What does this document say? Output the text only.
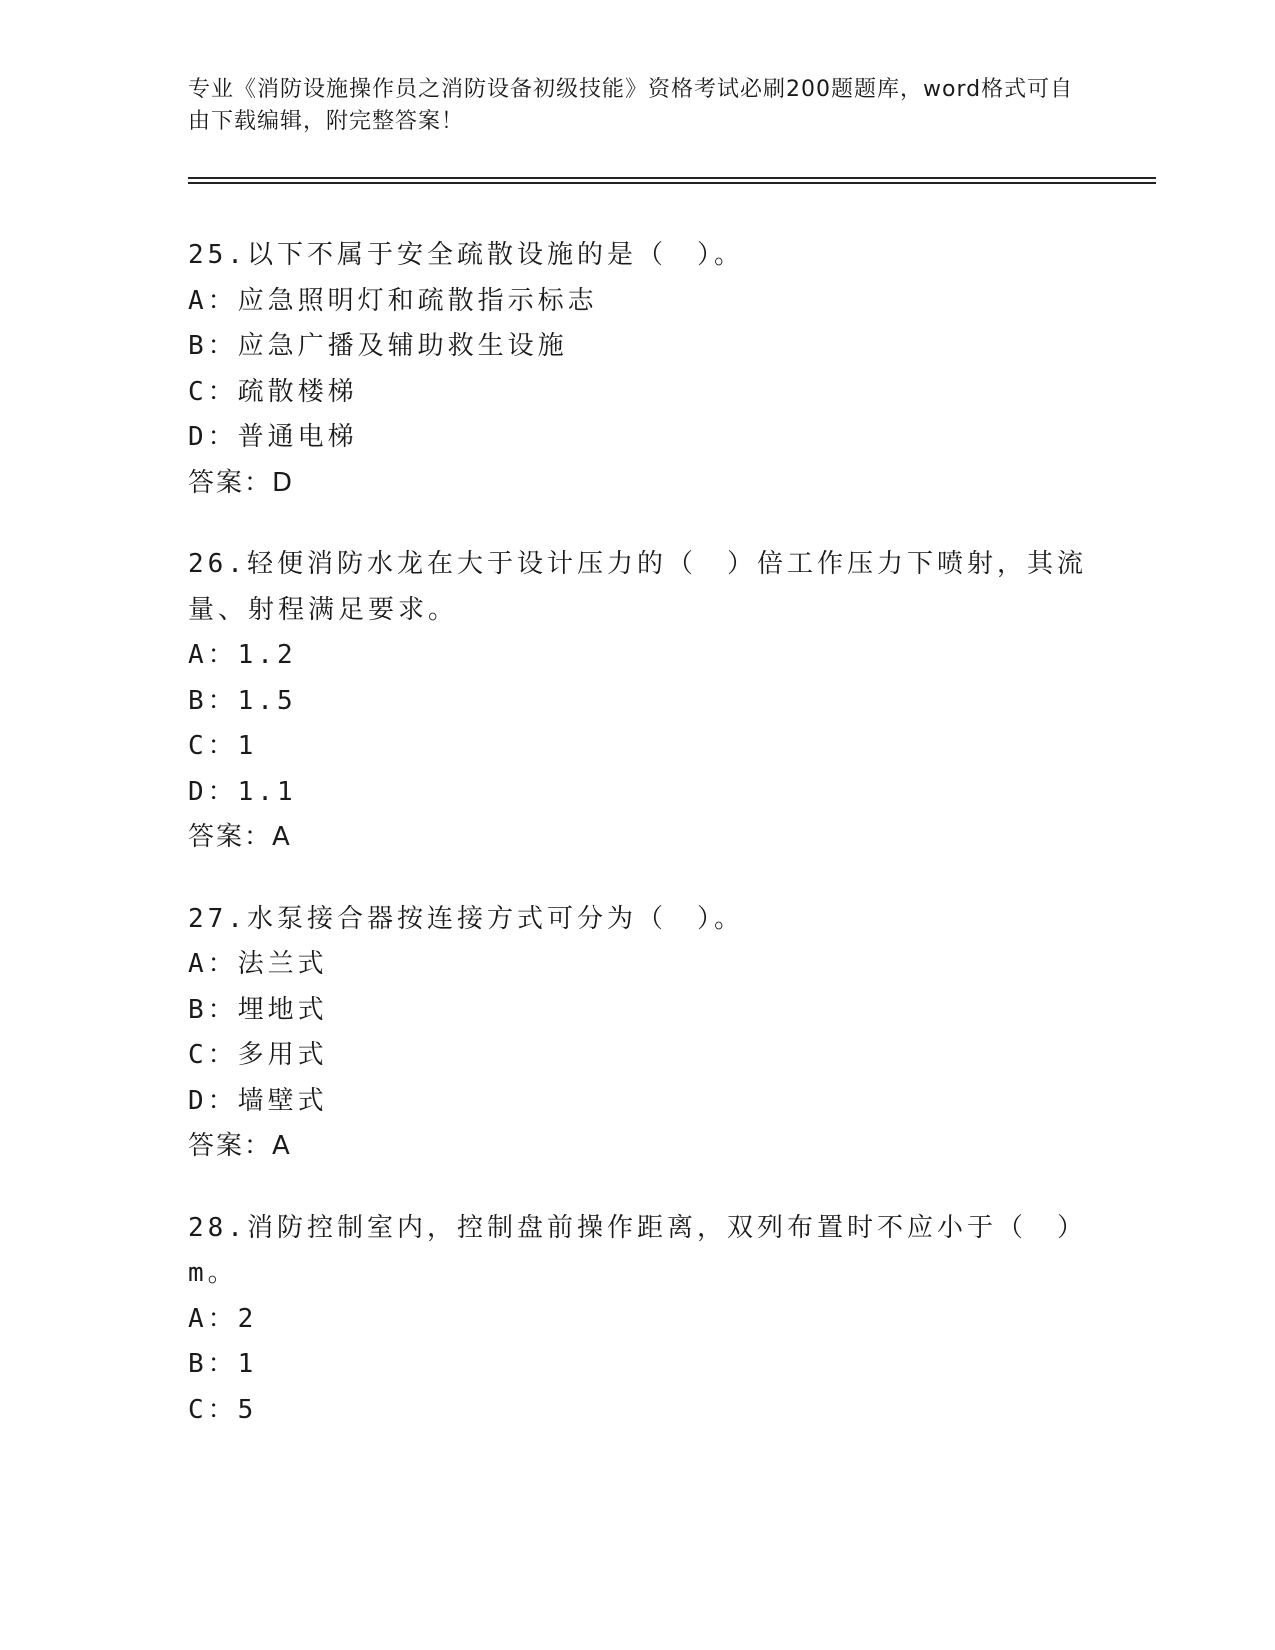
专业《消防设施操作员之消防设备初级技能》资格考试必刷200题题库，word格式可自由下载编辑，附完整答案！
25.以下不属于安全疏散设施的是（　）。
A：应急照明灯和疏散指示标志
B：应急广播及辅助救生设施
C：疏散楼梯
D：普通电梯
答案：D
26.轻便消防水龙在大于设计压力的（　）倍工作压力下喷射，其流量、射程满足要求。
A：1.2
B：1.5
C：1
D：1.1
答案：A
27.水泵接合器按连接方式可分为（　）。
A：法兰式
B：埋地式
C：多用式
D：墙壁式
答案：A
28.消防控制室内，控制盘前操作距离，双列布置时不应小于（　）m。
A：2
B：1
C：5
